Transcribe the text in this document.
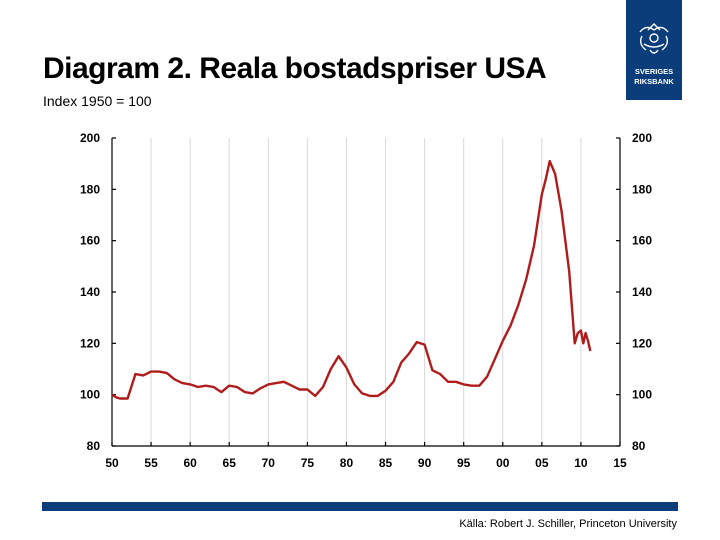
Diagram 2. Reala bostadspriser USA
Index 1950 = 100
SVERIGES
RIKSBANK
80	80
100	100
120	120
140	140
160	160
180	180
200	200
50 55 60 65 70 75 80 85 90 95 00 05 10 15
Källa: Robert J. Schiller, Princeton University
